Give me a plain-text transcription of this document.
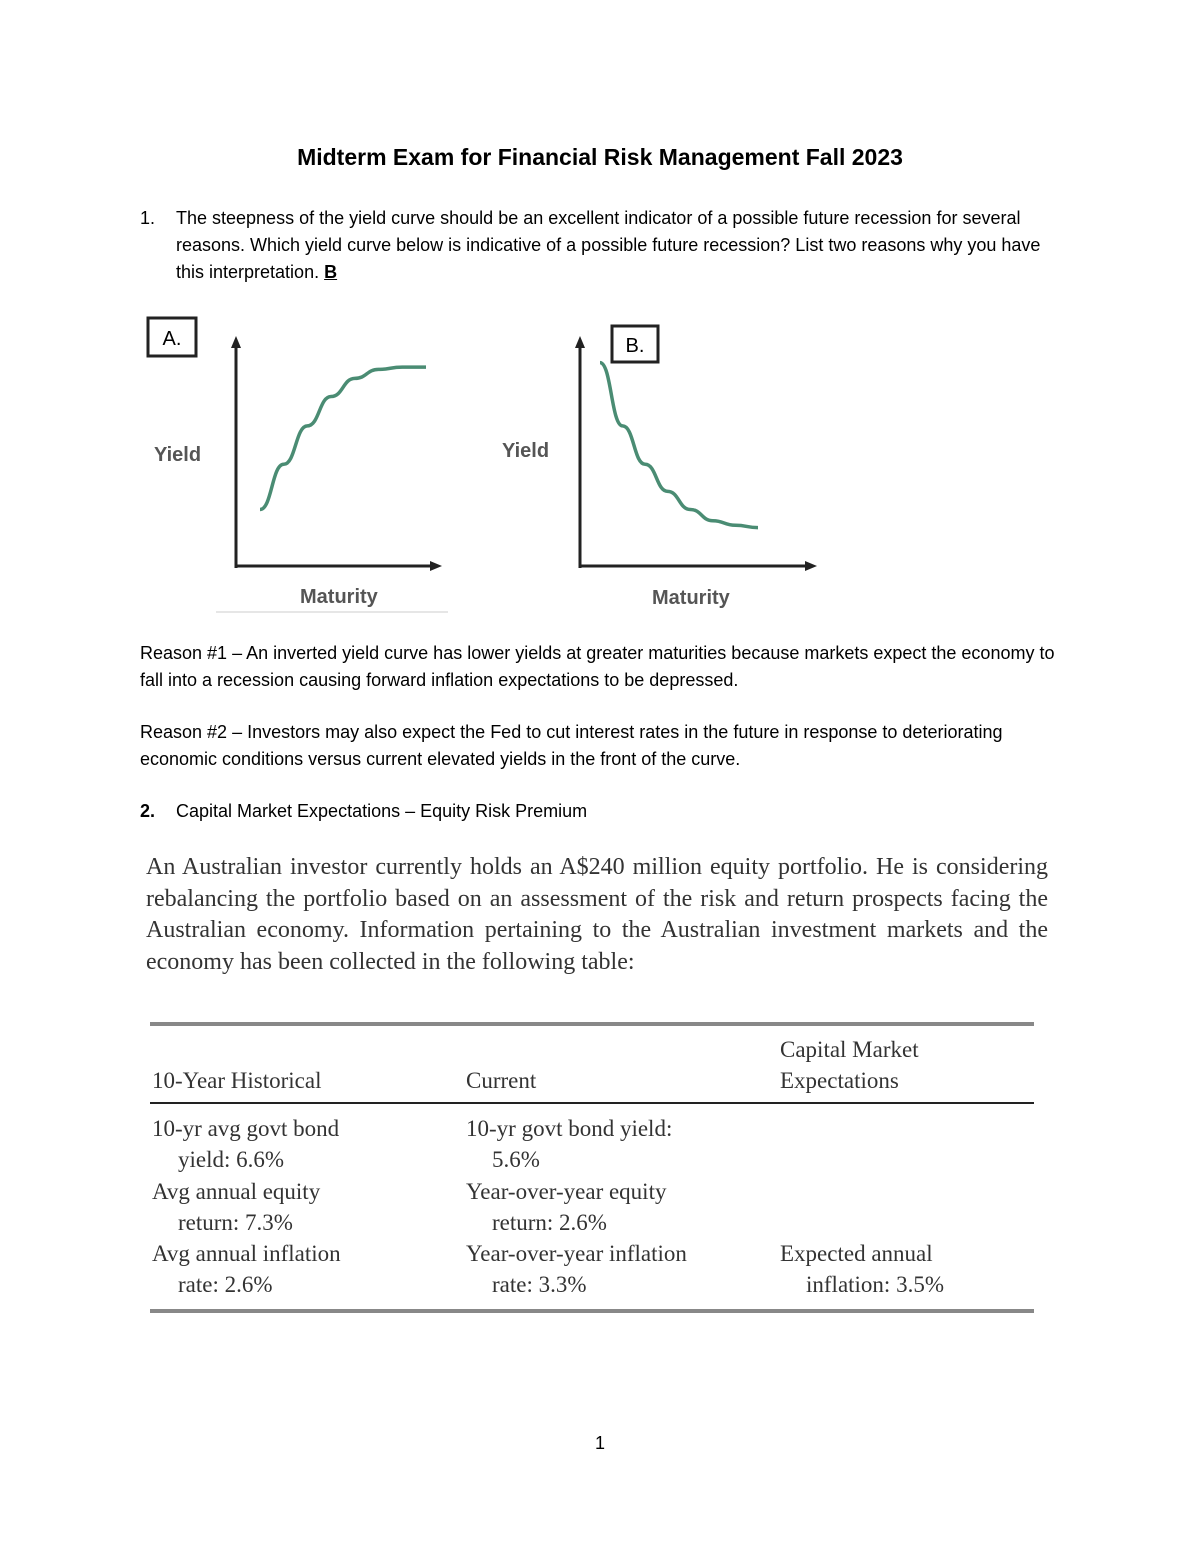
Midterm Exam for Financial Risk Management Fall 2023
1. The steepness of the yield curve should be an excellent indicator of a possible future recession for several reasons. Which yield curve below is indicative of a possible future recession? List two reasons why you have this interpretation. B
A.
Yield
Maturity
B.
Yield
Maturity
Reason #1 – An inverted yield curve has lower yields at greater maturities because markets expect the economy to fall into a recession causing forward inflation expectations to be depressed.
Reason #2 – Investors may also expect the Fed to cut interest rates in the future in response to deteriorating economic conditions versus current elevated yields in the front of the curve.
2. Capital Market Expectations – Equity Risk Premium
An Australian investor currently holds an A$240 million equity portfolio. He is considering rebalancing the portfolio based on an assessment of the risk and return prospects facing the Australian economy. Information pertaining to the Australian investment markets and the economy has been collected in the following table:
Capital Market
Expectations
10-Year Historical	Current
10-yr avg govt bond
yield: 6.6%
10-yr govt bond yield:
5.6%
Avg annual equity
return: 7.3%
Year-over-year equity
return: 2.6%
Avg annual inflation
rate: 2.6%
Year-over-year inflation
rate: 3.3%
Expected annual
inflation: 3.5%
1
